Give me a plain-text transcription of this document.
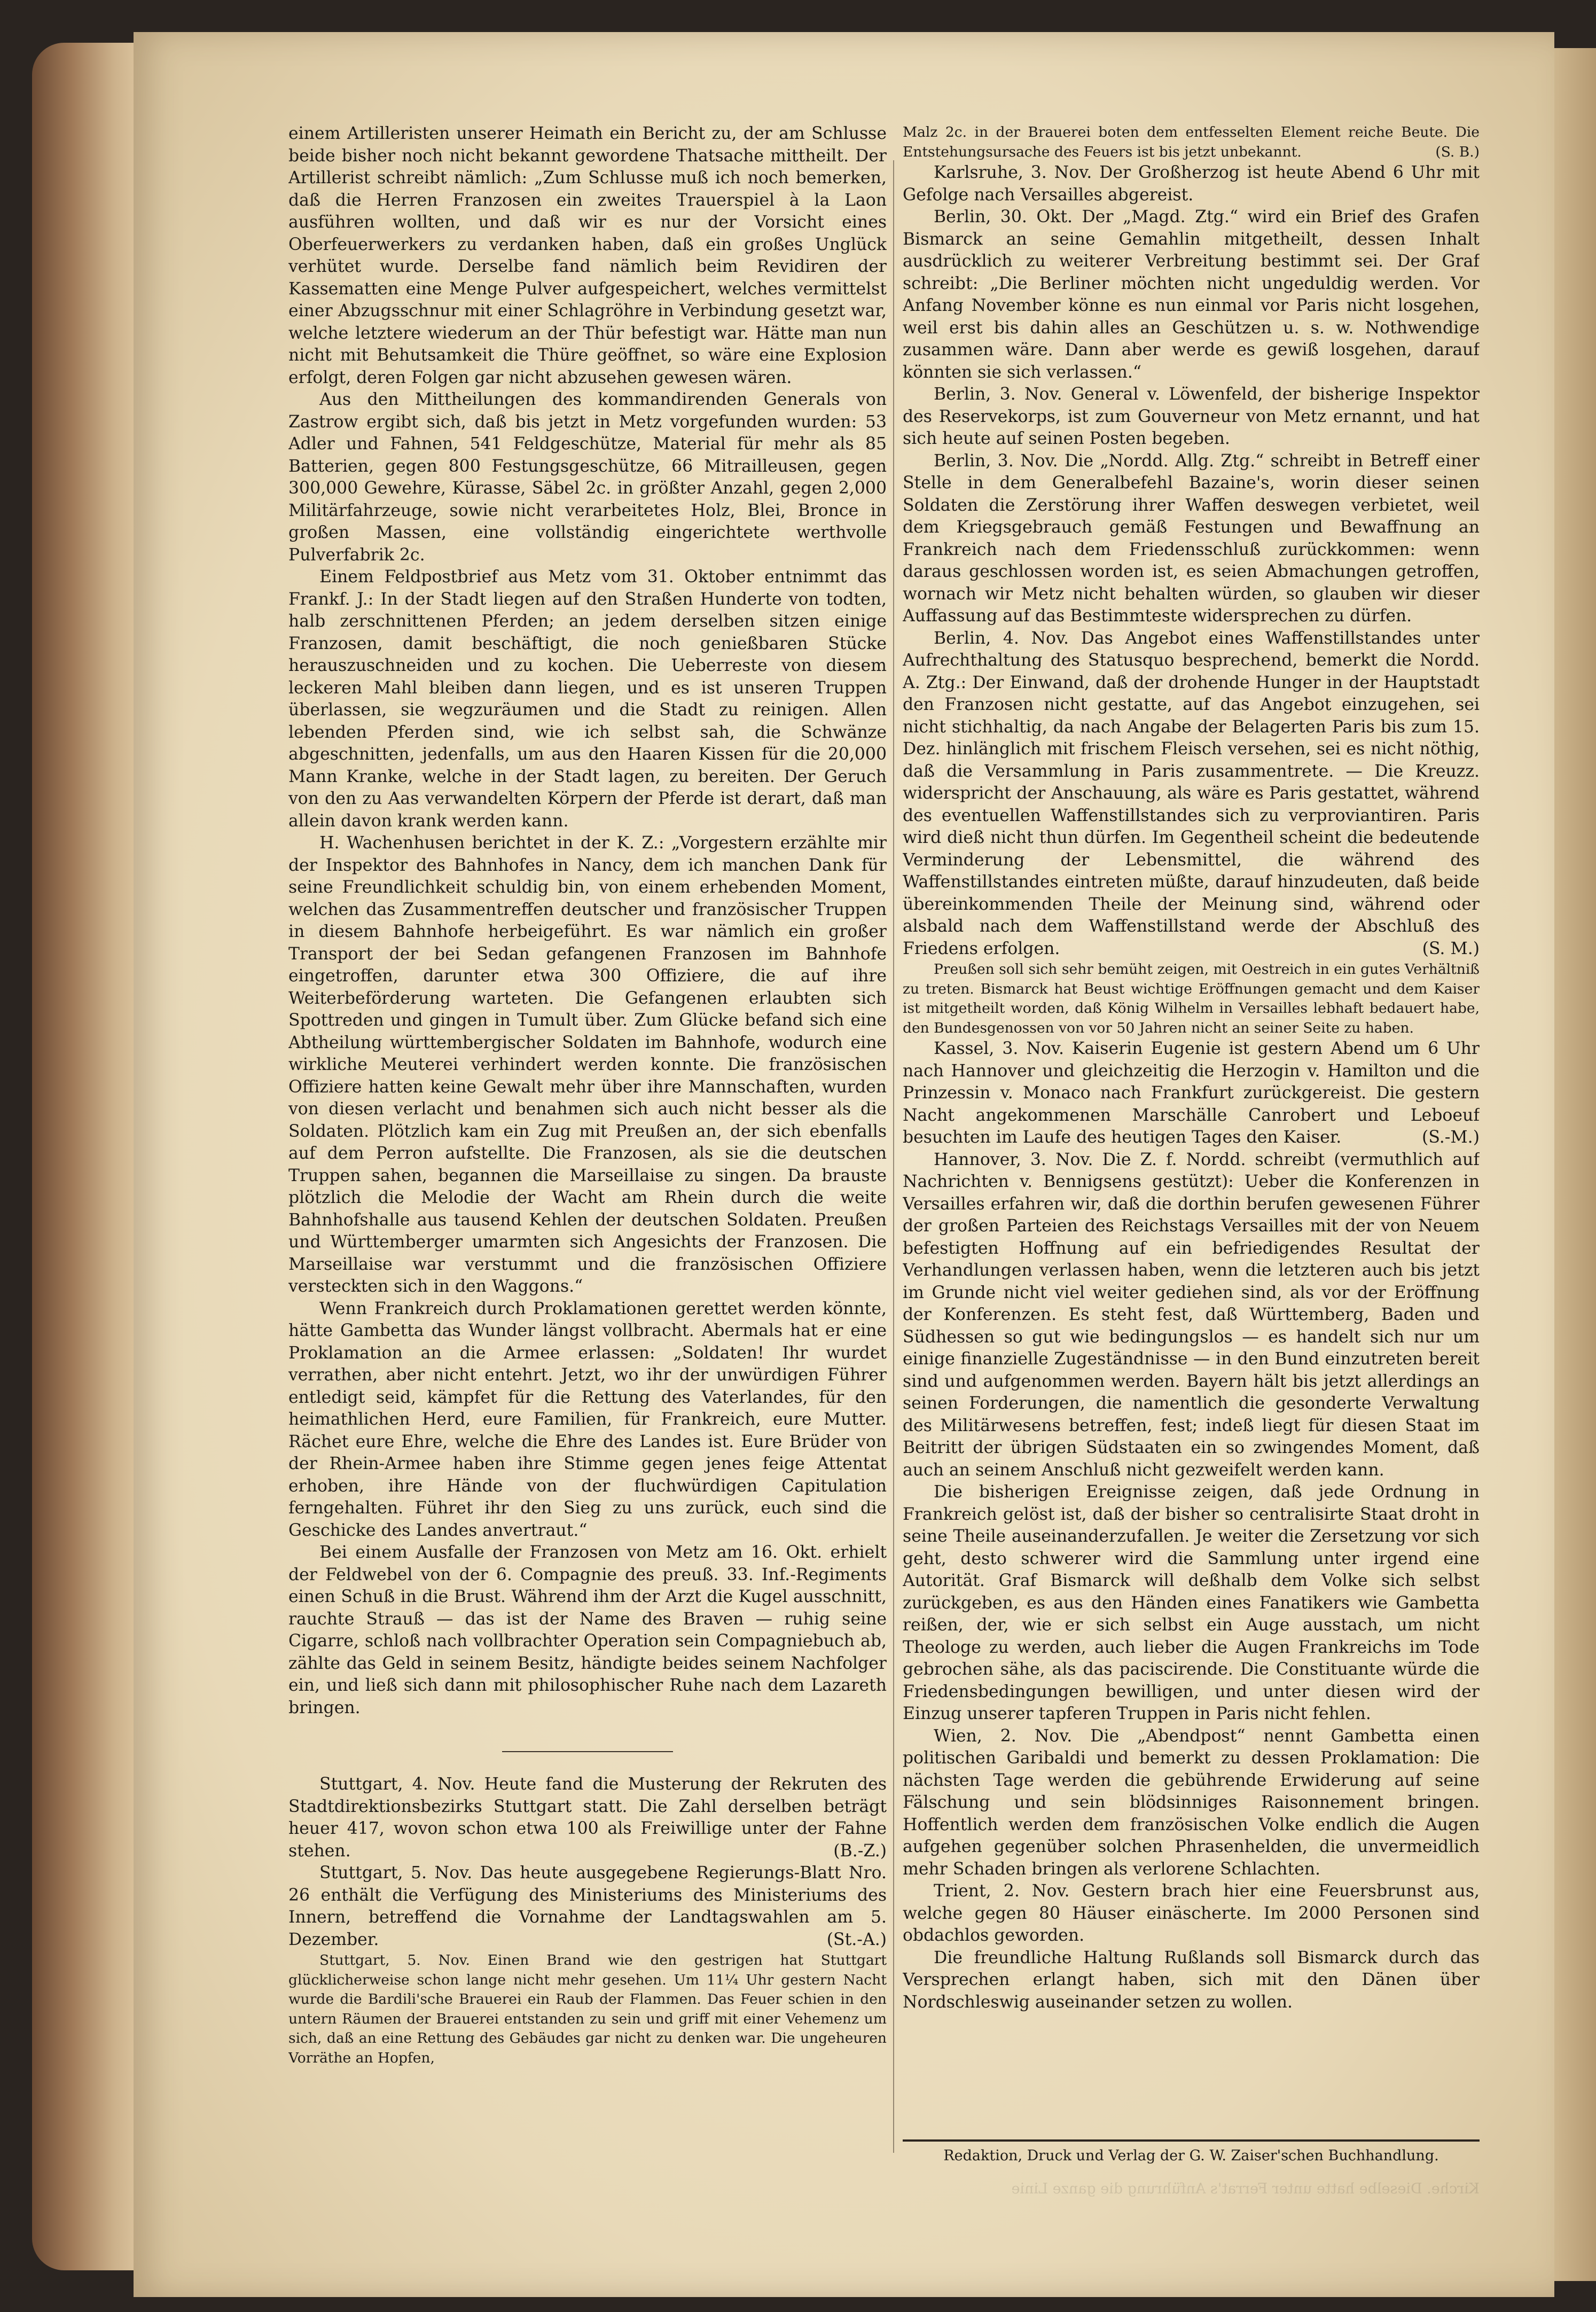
einem Artilleristen unserer Heimath ein Bericht zu, der am Schlusse beide bisher noch nicht bekannt gewordene Thatsache mittheilt. Der Artillerist schreibt nämlich: „Zum Schlusse muß ich noch bemerken, daß die Herren Franzosen ein zweites Trauerspiel à la Laon ausführen wollten, und daß wir es nur der Vorsicht eines Oberfeuerwerkers zu verdanken haben, daß ein großes Unglück verhütet wurde. Derselbe fand nämlich beim Revidiren der Kassematten eine Menge Pulver aufgespeichert, welches vermittelst einer Abzugsschnur mit einer Schlagröhre in Verbindung gesetzt war, welche letztere wiederum an der Thür befestigt war. Hätte man nun nicht mit Behutsamkeit die Thüre geöffnet, so wäre eine Explosion erfolgt, deren Folgen gar nicht abzusehen gewesen wären.

Aus den Mittheilungen des kommandirenden Generals von Zastrow ergibt sich, daß bis jetzt in Metz vorgefunden wurden: 53 Adler und Fahnen, 541 Feldgeschütze, Material für mehr als 85 Batterien, gegen 800 Festungsgeschütze, 66 Mitrailleusen, gegen 300,000 Gewehre, Kürasse, Säbel 2c. in größter Anzahl, gegen 2,000 Militärfahrzeuge, sowie nicht verarbeitetes Holz, Blei, Bronce in großen Massen, eine vollständig eingerichtete werthvolle Pulverfabrik 2c.

Einem Feldpostbrief aus Metz vom 31. Oktober entnimmt das Frankf. J.: In der Stadt liegen auf den Straßen Hunderte von todten, halb zerschnittenen Pferden; an jedem derselben sitzen einige Franzosen, damit beschäftigt, die noch genießbaren Stücke herauszuschneiden und zu kochen. Die Ueberreste von diesem leckeren Mahl bleiben dann liegen, und es ist unseren Truppen überlassen, sie wegzuräumen und die Stadt zu reinigen. Allen lebenden Pferden sind, wie ich selbst sah, die Schwänze abgeschnitten, jedenfalls, um aus den Haaren Kissen für die 20,000 Mann Kranke, welche in der Stadt lagen, zu bereiten. Der Geruch von den zu Aas verwandelten Körpern der Pferde ist derart, daß man allein davon krank werden kann.

H. Wachenhusen berichtet in der K. Z.: „Vorgestern erzählte mir der Inspektor des Bahnhofes in Nancy, dem ich manchen Dank für seine Freundlichkeit schuldig bin, von einem erhebenden Moment, welchen das Zusammentreffen deutscher und französischer Truppen in diesem Bahnhofe herbeigeführt. Es war nämlich ein großer Transport der bei Sedan gefangenen Franzosen im Bahnhofe eingetroffen, darunter etwa 300 Offiziere, die auf ihre Weiterbeförderung warteten. Die Gefangenen erlaubten sich Spottreden und gingen in Tumult über. Zum Glücke befand sich eine Abtheilung württembergischer Soldaten im Bahnhofe, wodurch eine wirkliche Meuterei verhindert werden konnte. Die französischen Offiziere hatten keine Gewalt mehr über ihre Mannschaften, wurden von diesen verlacht und benahmen sich auch nicht besser als die Soldaten. Plötzlich kam ein Zug mit Preußen an, der sich ebenfalls auf dem Perron aufstellte. Die Franzosen, als sie die deutschen Truppen sahen, begannen die Marseillaise zu singen. Da brauste plötzlich die Melodie der Wacht am Rhein durch die weite Bahnhofshalle aus tausend Kehlen der deutschen Soldaten. Preußen und Württemberger umarmten sich Angesichts der Franzosen. Die Marseillaise war verstummt und die französischen Offiziere versteckten sich in den Waggons.“

Wenn Frankreich durch Proklamationen gerettet werden könnte, hätte Gambetta das Wunder längst vollbracht. Abermals hat er eine Proklamation an die Armee erlassen: „Soldaten! Ihr wurdet verrathen, aber nicht entehrt. Jetzt, wo ihr der unwürdigen Führer entledigt seid, kämpfet für die Rettung des Vaterlandes, für den heimathlichen Herd, eure Familien, für Frankreich, eure Mutter. Rächet eure Ehre, welche die Ehre des Landes ist. Eure Brüder von der Rhein-Armee haben ihre Stimme gegen jenes feige Attentat erhoben, ihre Hände von der fluchwürdigen Capitulation ferngehalten. Führet ihr den Sieg zu uns zurück, euch sind die Geschicke des Landes anvertraut.“

Bei einem Ausfalle der Franzosen von Metz am 16. Okt. erhielt der Feldwebel von der 6. Compagnie des preuß. 33. Inf.-Regiments einen Schuß in die Brust. Während ihm der Arzt die Kugel ausschnitt, rauchte Strauß — das ist der Name des Braven — ruhig seine Cigarre, schloß nach vollbrachter Operation sein Compagniebuch ab, zählte das Geld in seinem Besitz, händigte beides seinem Nachfolger ein, und ließ sich dann mit philosophischer Ruhe nach dem Lazareth bringen.

Stuttgart, 4. Nov. Heute fand die Musterung der Rekruten des Stadtdirektionsbezirks Stuttgart statt. Die Zahl derselben beträgt heuer 417, wovon schon etwa 100 als Freiwillige unter der Fahne stehen.	(B.-Z.)

Stuttgart, 5. Nov. Das heute ausgegebene Regierungs-Blatt Nro. 26 enthält die Verfügung des Ministeriums des Ministeriums des Innern, betreffend die Vornahme der Landtagswahlen am 5. Dezember.	(St.-A.)

Stuttgart, 5. Nov. Einen Brand wie den gestrigen hat Stuttgart glücklicherweise schon lange nicht mehr gesehen. Um 11¼ Uhr gestern Nacht wurde die Bardili'sche Brauerei ein Raub der Flammen. Das Feuer schien in den untern Räumen der Brauerei entstanden zu sein und griff mit einer Vehemenz um sich, daß an eine Rettung des Gebäudes gar nicht zu denken war. Die ungeheuren Vorräthe an Hopfen,

Malz 2c. in der Brauerei boten dem entfesselten Element reiche Beute. Die Entstehungsursache des Feuers ist bis jetzt unbekannt.	(S. B.)

Karlsruhe, 3. Nov. Der Großherzog ist heute Abend 6 Uhr mit Gefolge nach Versailles abgereist.

Berlin, 30. Okt. Der „Magd. Ztg.“ wird ein Brief des Grafen Bismarck an seine Gemahlin mitgetheilt, dessen Inhalt ausdrücklich zu weiterer Verbreitung bestimmt sei. Der Graf schreibt: „Die Berliner möchten nicht ungeduldig werden. Vor Anfang November könne es nun einmal vor Paris nicht losgehen, weil erst bis dahin alles an Geschützen u. s. w. Nothwendige zusammen wäre. Dann aber werde es gewiß losgehen, darauf könnten sie sich verlassen.“

Berlin, 3. Nov. General v. Löwenfeld, der bisherige Inspektor des Reservekorps, ist zum Gouverneur von Metz ernannt, und hat sich heute auf seinen Posten begeben.

Berlin, 3. Nov. Die „Nordd. Allg. Ztg.“ schreibt in Betreff einer Stelle in dem Generalbefehl Bazaine's, worin dieser seinen Soldaten die Zerstörung ihrer Waffen deswegen verbietet, weil dem Kriegsgebrauch gemäß Festungen und Bewaffnung an Frankreich nach dem Friedensschluß zurückkommen: wenn daraus geschlossen worden ist, es seien Abmachungen getroffen, wornach wir Metz nicht behalten würden, so glauben wir dieser Auffassung auf das Bestimmteste widersprechen zu dürfen.

Berlin, 4. Nov. Das Angebot eines Waffenstillstandes unter Aufrechthaltung des Statusquo besprechend, bemerkt die Nordd. A. Ztg.: Der Einwand, daß der drohende Hunger in der Hauptstadt den Franzosen nicht gestatte, auf das Angebot einzugehen, sei nicht stichhaltig, da nach Angabe der Belagerten Paris bis zum 15. Dez. hinlänglich mit frischem Fleisch versehen, sei es nicht nöthig, daß die Versammlung in Paris zusammentrete. — Die Kreuzz. widerspricht der Anschauung, als wäre es Paris gestattet, während des eventuellen Waffenstillstandes sich zu verproviantiren. Paris wird dieß nicht thun dürfen. Im Gegentheil scheint die bedeutende Verminderung der Lebensmittel, die während des Waffenstillstandes eintreten müßte, darauf hinzudeuten, daß beide übereinkommenden Theile der Meinung sind, während oder alsbald nach dem Waffenstillstand werde der Abschluß des Friedens erfolgen.	(S. M.)

Preußen soll sich sehr bemüht zeigen, mit Oestreich in ein gutes Verhältniß zu treten. Bismarck hat Beust wichtige Eröffnungen gemacht und dem Kaiser ist mitgetheilt worden, daß König Wilhelm in Versailles lebhaft bedauert habe, den Bundesgenossen von vor 50 Jahren nicht an seiner Seite zu haben.

Kassel, 3. Nov. Kaiserin Eugenie ist gestern Abend um 6 Uhr nach Hannover und gleichzeitig die Herzogin v. Hamilton und die Prinzessin v. Monaco nach Frankfurt zurückgereist. Die gestern Nacht angekommenen Marschälle Canrobert und Leboeuf besuchten im Laufe des heutigen Tages den Kaiser.	(S.-M.)

Hannover, 3. Nov. Die Z. f. Nordd. schreibt (vermuthlich auf Nachrichten v. Bennigsens gestützt): Ueber die Konferenzen in Versailles erfahren wir, daß die dorthin berufen gewesenen Führer der großen Parteien des Reichstags Versailles mit der von Neuem befestigten Hoffnung auf ein befriedigendes Resultat der Verhandlungen verlassen haben, wenn die letzteren auch bis jetzt im Grunde nicht viel weiter gediehen sind, als vor der Eröffnung der Konferenzen. Es steht fest, daß Württemberg, Baden und Südhessen so gut wie bedingungslos — es handelt sich nur um einige finanzielle Zugeständnisse — in den Bund einzutreten bereit sind und aufgenommen werden. Bayern hält bis jetzt allerdings an seinen Forderungen, die namentlich die gesonderte Verwaltung des Militärwesens betreffen, fest; indeß liegt für diesen Staat im Beitritt der übrigen Südstaaten ein so zwingendes Moment, daß auch an seinem Anschluß nicht gezweifelt werden kann.

Die bisherigen Ereignisse zeigen, daß jede Ordnung in Frankreich gelöst ist, daß der bisher so centralisirte Staat droht in seine Theile auseinanderzufallen. Je weiter die Zersetzung vor sich geht, desto schwerer wird die Sammlung unter irgend eine Autorität. Graf Bismarck will deßhalb dem Volke sich selbst zurückgeben, es aus den Händen eines Fanatikers wie Gambetta reißen, der, wie er sich selbst ein Auge ausstach, um nicht Theologe zu werden, auch lieber die Augen Frankreichs im Tode gebrochen sähe, als das paciscirende. Die Constituante würde die Friedensbedingungen bewilligen, und unter diesen wird der Einzug unserer tapferen Truppen in Paris nicht fehlen.

Wien, 2. Nov. Die „Abendpost“ nennt Gambetta einen politischen Garibaldi und bemerkt zu dessen Proklamation: Die nächsten Tage werden die gebührende Erwiderung auf seine Fälschung und sein blödsinniges Raisonnement bringen. Hoffentlich werden dem französischen Volke endlich die Augen aufgehen gegenüber solchen Phrasenhelden, die unvermeidlich mehr Schaden bringen als verlorene Schlachten.

Trient, 2. Nov. Gestern brach hier eine Feuersbrunst aus, welche gegen 80 Häuser einäscherte. Im 2000 Personen sind obdachlos geworden.

Die freundliche Haltung Rußlands soll Bismarck durch das Versprechen erlangt haben, sich mit den Dänen über Nordschleswig auseinander setzen zu wollen.

Redaktion, Druck und Verlag der G. W. Zaiser'schen Buchhandlung.
Kirche. Dieselbe hatte unter Ferrat's Anführung die ganze Linie
